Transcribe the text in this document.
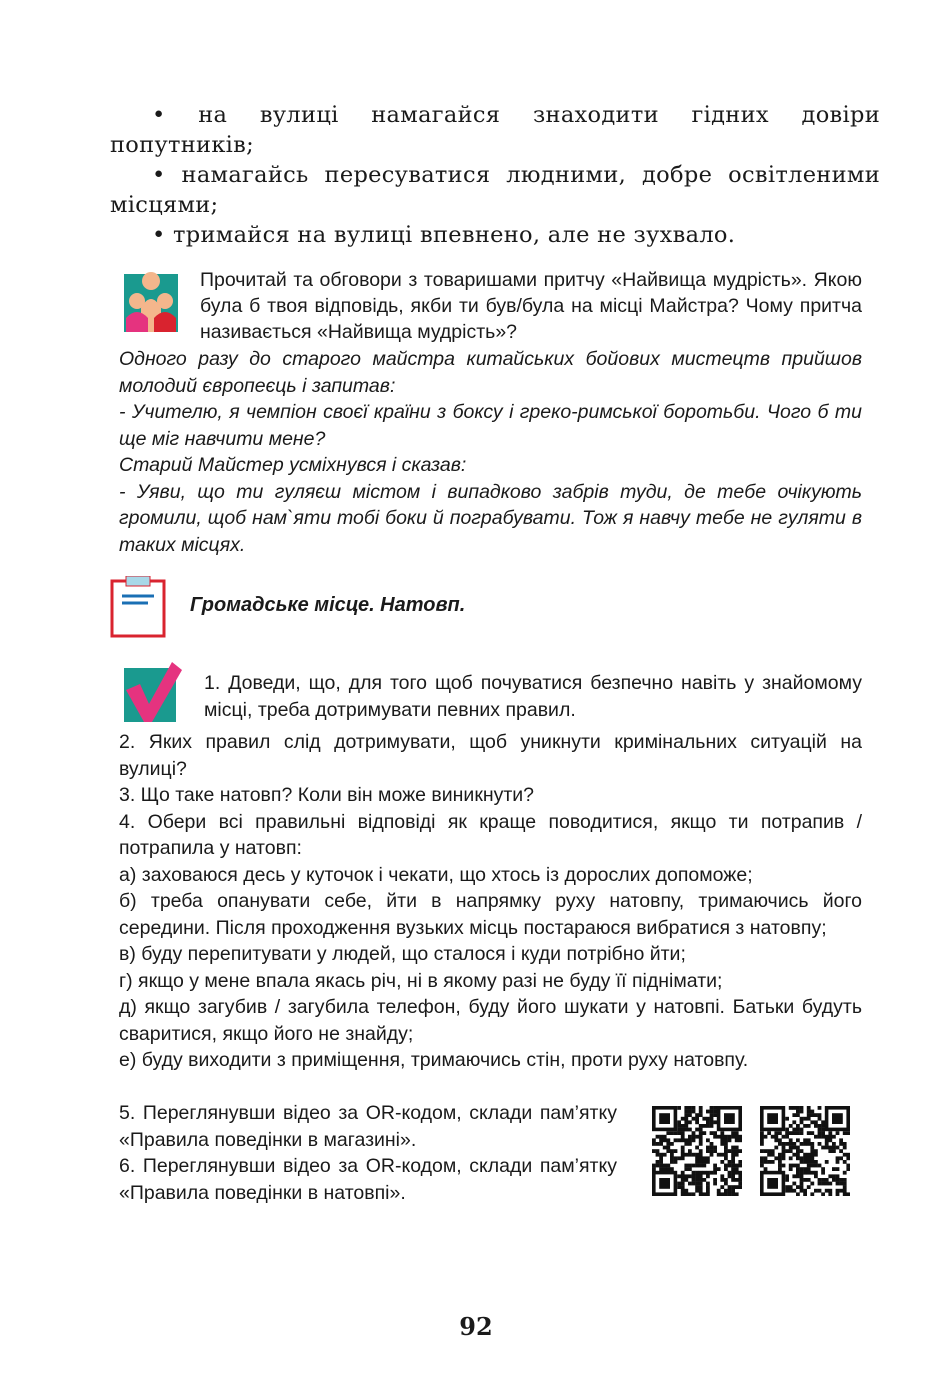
• на вулиці намагайся знаходити гідних довіри попутників;

• намагайсь пересуватися людними, добре освітленими місцями;

• тримайся на вулиці впевнено, але не зухвало.

Прочитай та обговори з товаришами притчу «Найвища мудрість». Якою була б твоя відповідь, якби ти був/була на місці Майстра? Чому притча називається «Найвища мудрість»?

Одного разу до старого майстра китайських бойових мистецтв прийшов молодий європеєць і запитав:

- Учителю, я чемпіон своєї країни з боксу і греко-римської боротьби. Чого б ти ще міг навчити мене?

Старий Майстер усміхнувся і сказав:

- Уяви, що ти гуляєш містом і випадково забрів туди, де тебе очікують громили, щоб нам`яти тобі боки й пограбувати. Тож я навчу тебе не гуляти в таких місцях.

Громадське місце. Натовп.

1. Доведи, що, для того щоб почуватися безпечно навіть у знайомому місці, треба дотримувати певних правил.

2. Яких правил слід дотримувати, щоб уникнути кримінальних ситуацій на вулиці?

3. Що таке натовп? Коли він може виникнути?

4. Обери всі правильні відповіді як краще поводитися, якщо ти потрапив / потрапила у натовп:

а) заховаюся десь у куточок і чекати, що хтось із дорослих допоможе;

б) треба опанувати себе, йти в напрямку руху натовпу, тримаючись його середини. Після проходження вузьких місць постараюся вибратися з натовпу;

в) буду перепитувати у людей, що сталося і куди потрібно йти;

г) якщо у мене впала якась річ, ні в якому разі не буду її піднімати;

д) якщо загубив / загубила телефон, буду його шукати у натовпі. Батьки будуть сваритися, якщо його не знайду;

е) буду виходити з приміщення, тримаючись стін, проти руху натовпу.

5. Переглянувши відео за OR-кодом, склади пам’ятку «Правила поведінки в магазині».

6. Переглянувши відео за OR-кодом, склади пам’ятку «Правила поведінки в натовпі».

92
